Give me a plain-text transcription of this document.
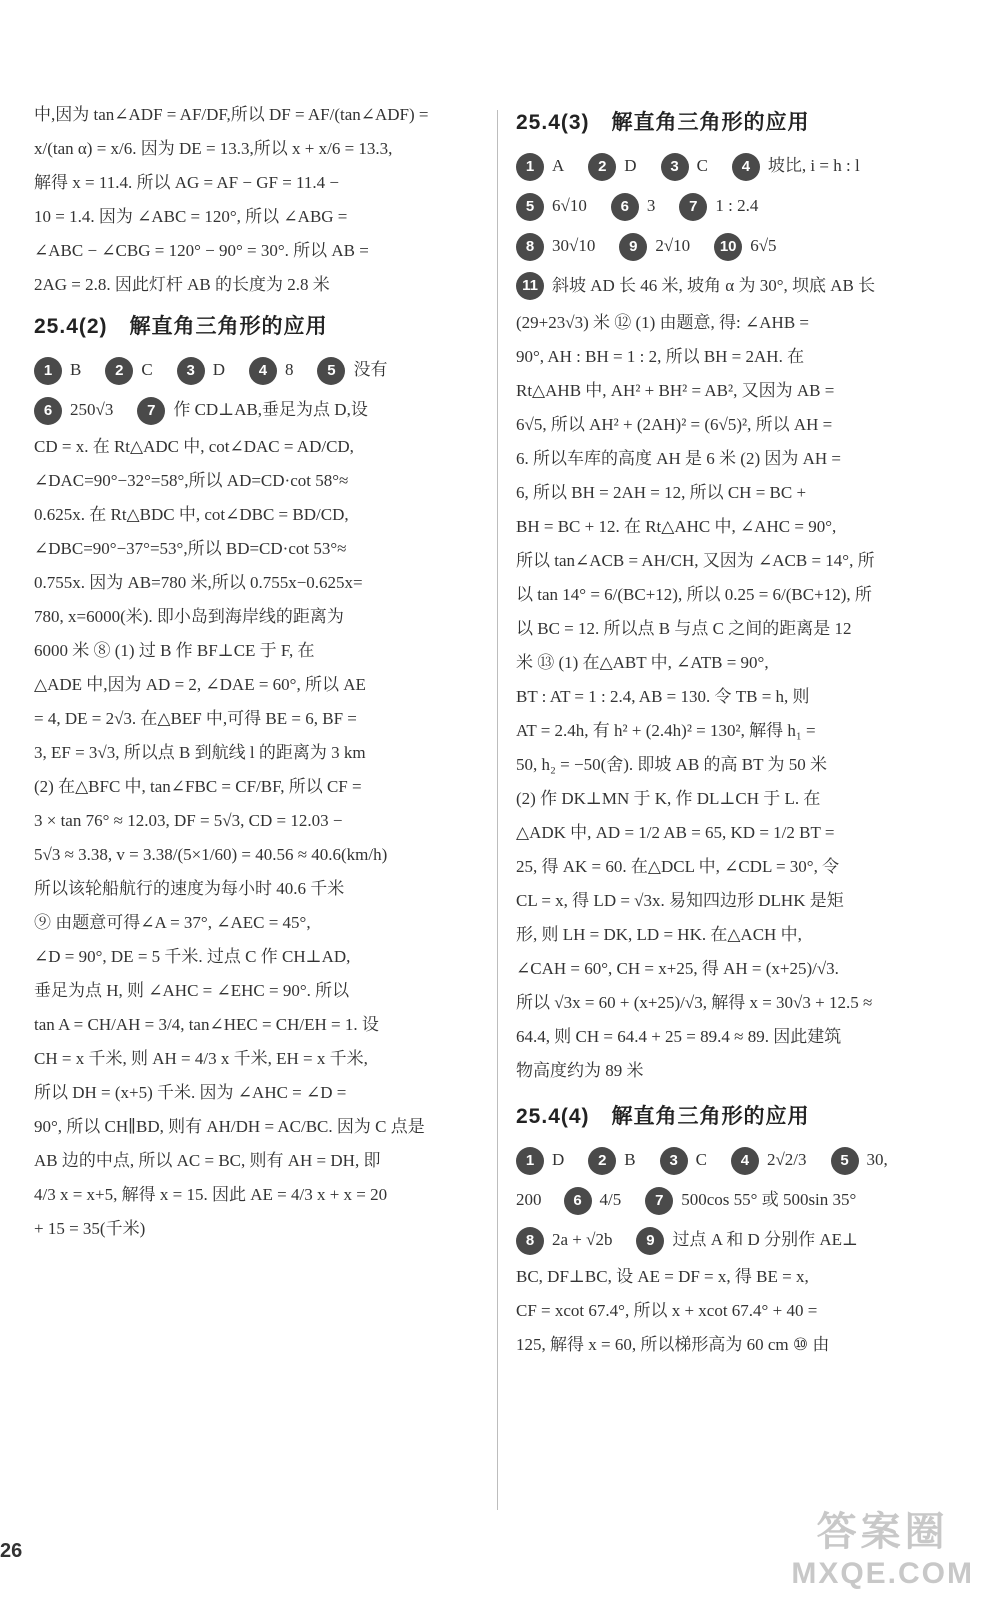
中,因为 tan∠ADF = AF/DF,所以 DF = AF/(tan∠ADF) =
x/(tan α) = x/6. 因为 DE = 13.3,所以 x + x/6 = 13.3,
解得 x = 11.4. 所以 AG = AF − GF = 11.4 −
10 = 1.4. 因为 ∠ABC = 120°, 所以 ∠ABG =
∠ABC − ∠CBG = 120° − 90° = 30°. 所以 AB =
2AG = 2.8. 因此灯杆 AB 的长度为 2.8 米
25.4(2)　解直角三角形的应用
1 B	2 C	3 D	4 8	5 没有
6 250√3	7 作 CD⊥AB,垂足为点 D,设
CD = x. 在 Rt△ADC 中, cot∠DAC = AD/CD,
∠DAC=90°−32°=58°,所以 AD=CD·cot 58°≈
0.625x. 在 Rt△BDC 中, cot∠DBC = BD/CD,
∠DBC=90°−37°=53°,所以 BD=CD·cot 53°≈
0.755x. 因为 AB=780 米,所以 0.755x−0.625x=
780, x=6000(米). 即小岛到海岸线的距离为
6000 米 ⑧ (1) 过 B 作 BF⊥CE 于 F, 在
△ADE 中,因为 AD = 2, ∠DAE = 60°, 所以 AE
= 4, DE = 2√3. 在△BEF 中,可得 BE = 6, BF =
3, EF = 3√3, 所以点 B 到航线 l 的距离为 3 km
(2) 在△BFC 中, tan∠FBC = CF/BF, 所以 CF =
3 × tan 76° ≈ 12.03, DF = 5√3, CD = 12.03 −
5√3 ≈ 3.38, v = 3.38/(5×1/60) = 40.56 ≈ 40.6(km/h)
所以该轮船航行的速度为每小时 40.6 千米
⑨ 由题意可得∠A = 37°, ∠AEC = 45°,
∠D = 90°, DE = 5 千米. 过点 C 作 CH⊥AD,
垂足为点 H, 则 ∠AHC = ∠EHC = 90°. 所以
tan A = CH/AH = 3/4, tan∠HEC = CH/EH = 1. 设
CH = x 千米, 则 AH = 4/3 x 千米, EH = x 千米,
所以 DH = (x+5) 千米. 因为 ∠AHC = ∠D =
90°, 所以 CH∥BD, 则有 AH/DH = AC/BC. 因为 C 点是
AB 边的中点, 所以 AC = BC, 则有 AH = DH, 即
4/3 x = x+5, 解得 x = 15. 因此 AE = 4/3 x + x = 20
+ 15 = 35(千米)
25.4(3)　解直角三角形的应用
1 A	2 D	3 C	4 坡比, i = h : l
5 6√10	6 3	7 1 : 2.4
8 30√10	9 2√10	10 6√5
11 斜坡 AD 长 46 米, 坡角 α 为 30°, 坝底 AB 长
(29+23√3) 米 ⑫ (1) 由题意, 得: ∠AHB =
90°, AH : BH = 1 : 2, 所以 BH = 2AH. 在
Rt△AHB 中, AH² + BH² = AB², 又因为 AB =
6√5, 所以 AH² + (2AH)² = (6√5)², 所以 AH =
6. 所以车库的高度 AH 是 6 米 (2) 因为 AH =
6, 所以 BH = 2AH = 12, 所以 CH = BC +
BH = BC + 12. 在 Rt△AHC 中, ∠AHC = 90°,
所以 tan∠ACB = AH/CH, 又因为 ∠ACB = 14°, 所
以 tan 14° = 6/(BC+12), 所以 0.25 = 6/(BC+12), 所
以 BC = 12. 所以点 B 与点 C 之间的距离是 12
米 ⑬ (1) 在△ABT 中, ∠ATB = 90°,
BT : AT = 1 : 2.4, AB = 130. 令 TB = h, 则
AT = 2.4h, 有 h² + (2.4h)² = 130², 解得 h₁ =
50, h₂ = −50(舍). 即坡 AB 的高 BT 为 50 米
(2) 作 DK⊥MN 于 K, 作 DL⊥CH 于 L. 在
△ADK 中, AD = 1/2 AB = 65, KD = 1/2 BT =
25, 得 AK = 60. 在△DCL 中, ∠CDL = 30°, 令
CL = x, 得 LD = √3x. 易知四边形 DLHK 是矩
形, 则 LH = DK, LD = HK. 在△ACH 中,
∠CAH = 60°, CH = x+25, 得 AH = (x+25)/√3.
所以 √3x = 60 + (x+25)/√3, 解得 x = 30√3 + 12.5 ≈
64.4, 则 CH = 64.4 + 25 = 89.4 ≈ 89. 因此建筑
物高度约为 89 米
25.4(4)　解直角三角形的应用
1 D	2 B	3 C	4 2√2/3	5 30,
200	6 4/5	7 500cos 55° 或 500sin 35°
8 2a + √2b	9 过点 A 和 D 分别作 AE⊥
BC, DF⊥BC, 设 AE = DF = x, 得 BE = x,
CF = xcot 67.4°, 所以 x + xcot 67.4° + 40 =
125, 解得 x = 60, 所以梯形高为 60 cm ⑩ 由
26	答案圈
MXQE.COM
